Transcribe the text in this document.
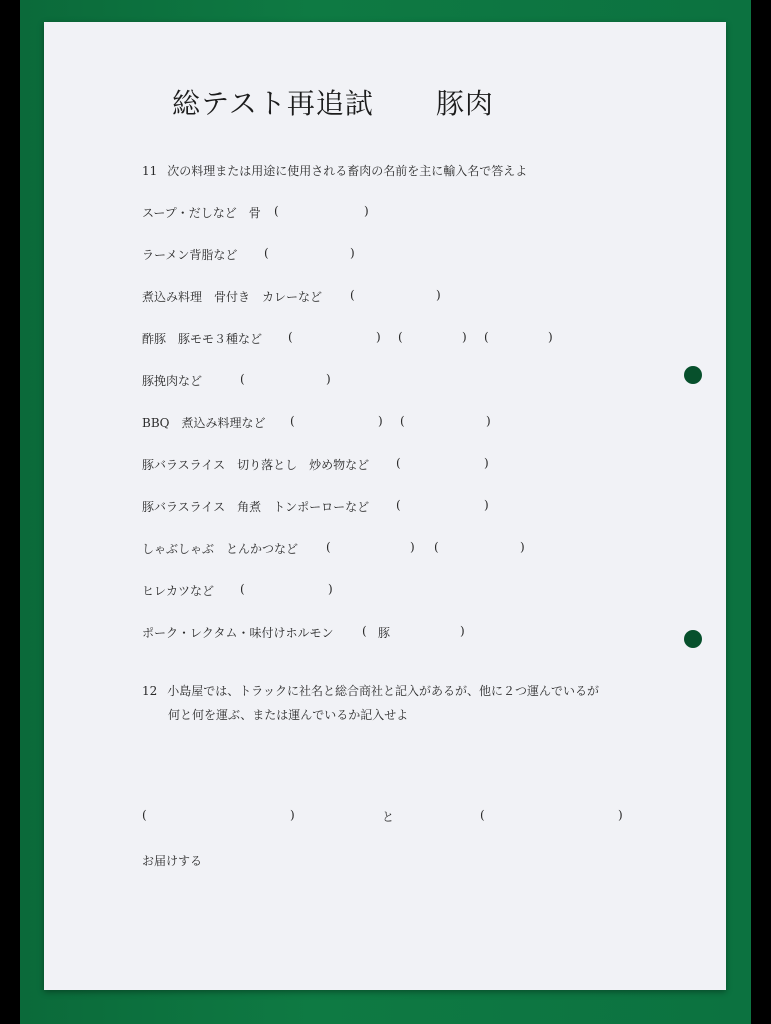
総テスト再追試 豚肉
11 次の料理または用途に使用される畜肉の名前を主に輸入名で答えよ
スープ・だしなど　骨 (	)
ラーメン背脂など (	)
煮込み料理　骨付き　カレーなど (	)
酢豚　豚モモ３種など (	) (	) (	)
豚挽肉など	(	)
BBQ　煮込み料理など (	) (	)
豚バラスライス　切り落とし　炒め物など (	)
豚バラスライス　角煮　トンポーローなど (	)
しゃぶしゃぶ　とんかつなど (	) (	)
ヒレカツなど (	)
ポーク・レクタム・味付けホルモン ( 豚	)
12 小島屋では、トラックに社名と総合商社と記入があるが、他に２つ運んでいるが
何と何を運ぶ、または運んでいるか記入せよ
(	)	と	(	)
お届けする
